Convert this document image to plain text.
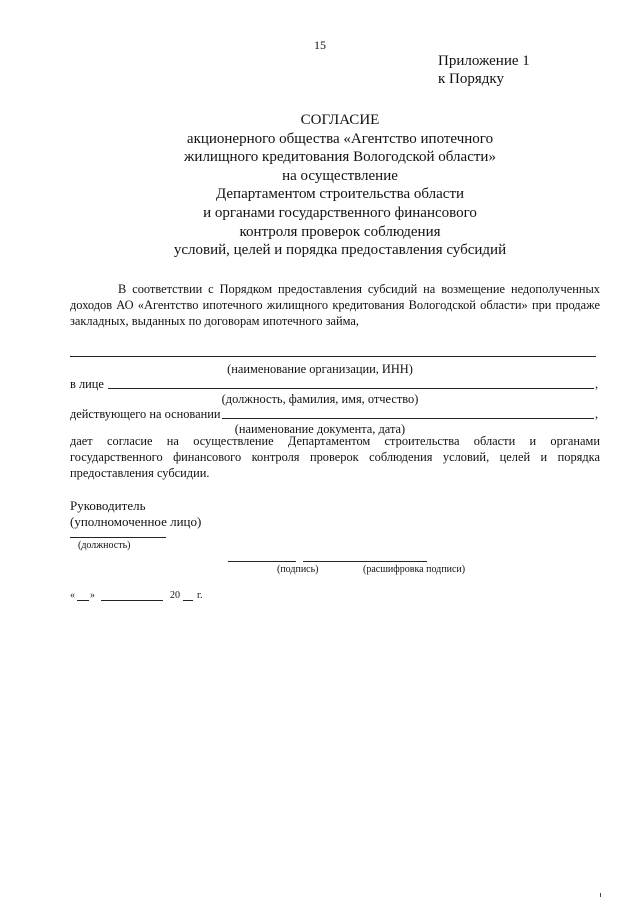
15
Приложение 1
к Порядку
СОГЛАСИЕ
акционерного общества «Агентство ипотечного
жилищного кредитования Вологодской области»
на осуществление
Департаментом строительства области
и органами государственного финансового
контроля проверок соблюдения
условий, целей и порядка предоставления субсидий
В соответствии с Порядком предоставления субсидий на возмещение недополученных доходов АО «Агентство ипотечного жилищного кредитования Вологодской области» при продаже закладных, выданных по договорам ипотечного займа,
(наименование организации, ИНН)
в лице	,
(должность, фамилия, имя, отчество)
действующего на основании	,
(наименование документа, дата)
дает согласие на осуществление Департаментом строительства области и органами государственного финансового контроля проверок соблюдения условий, целей и порядка предоставления субсидии.
Руководитель
(уполномоченное лицо)
(должность)
(подпись)	(расшифровка подписи)
« »	20 г.
